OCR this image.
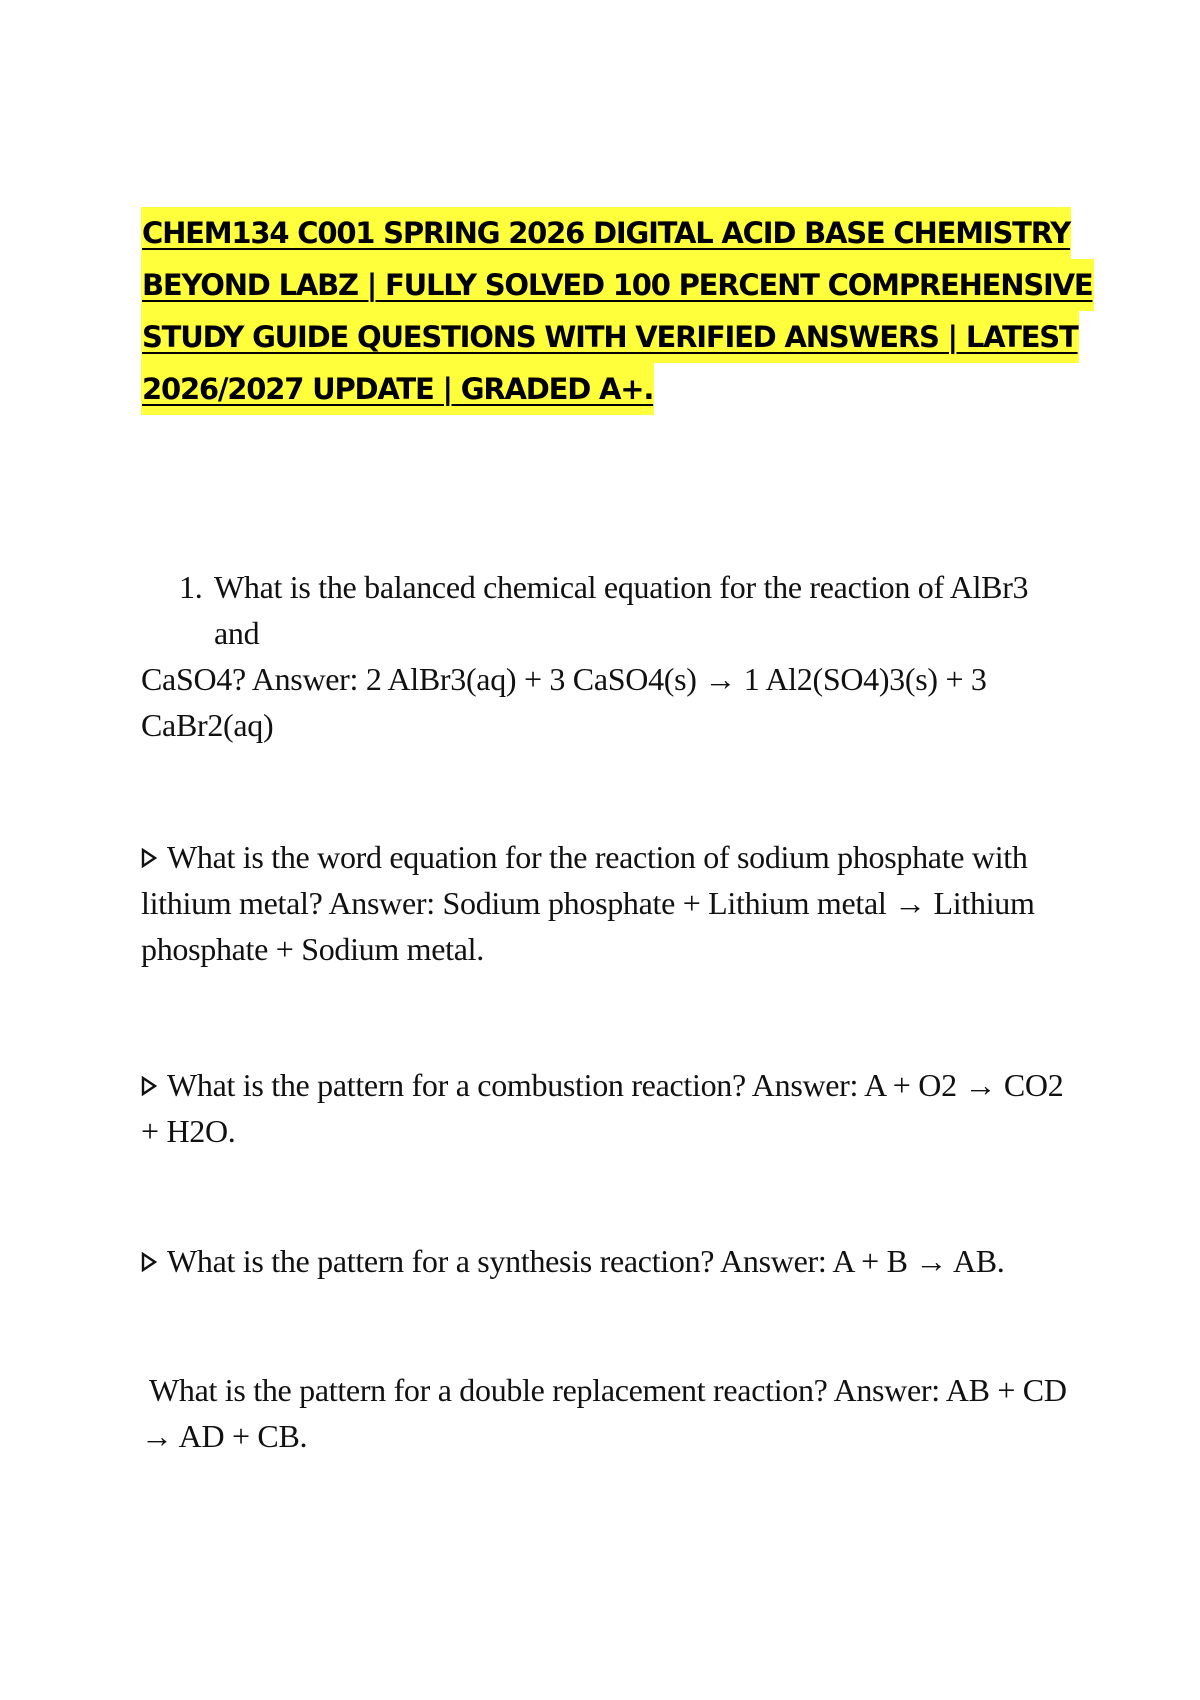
CHEM134 C001 SPRING 2026 DIGITAL ACID BASE CHEMISTRY
BEYOND LABZ | FULLY SOLVED 100 PERCENT COMPREHENSIVE
STUDY GUIDE QUESTIONS WITH VERIFIED ANSWERS | LATEST
2026/2027 UPDATE | GRADED A+.
1. What is the balanced chemical equation for the reaction of AlBr3
and
CaSO4? Answer: 2 AlBr3(aq) + 3 CaSO4(s) → 1 Al2(SO4)3(s) + 3
CaBr2(aq)
What is the word equation for the reaction of sodium phosphate with
lithium metal? Answer: Sodium phosphate + Lithium metal → Lithium
phosphate + Sodium metal.
What is the pattern for a combustion reaction? Answer: A + O2 → CO2
+ H2O.
What is the pattern for a synthesis reaction? Answer: A + B → AB.
What is the pattern for a double replacement reaction? Answer: AB + CD
→ AD + CB.
